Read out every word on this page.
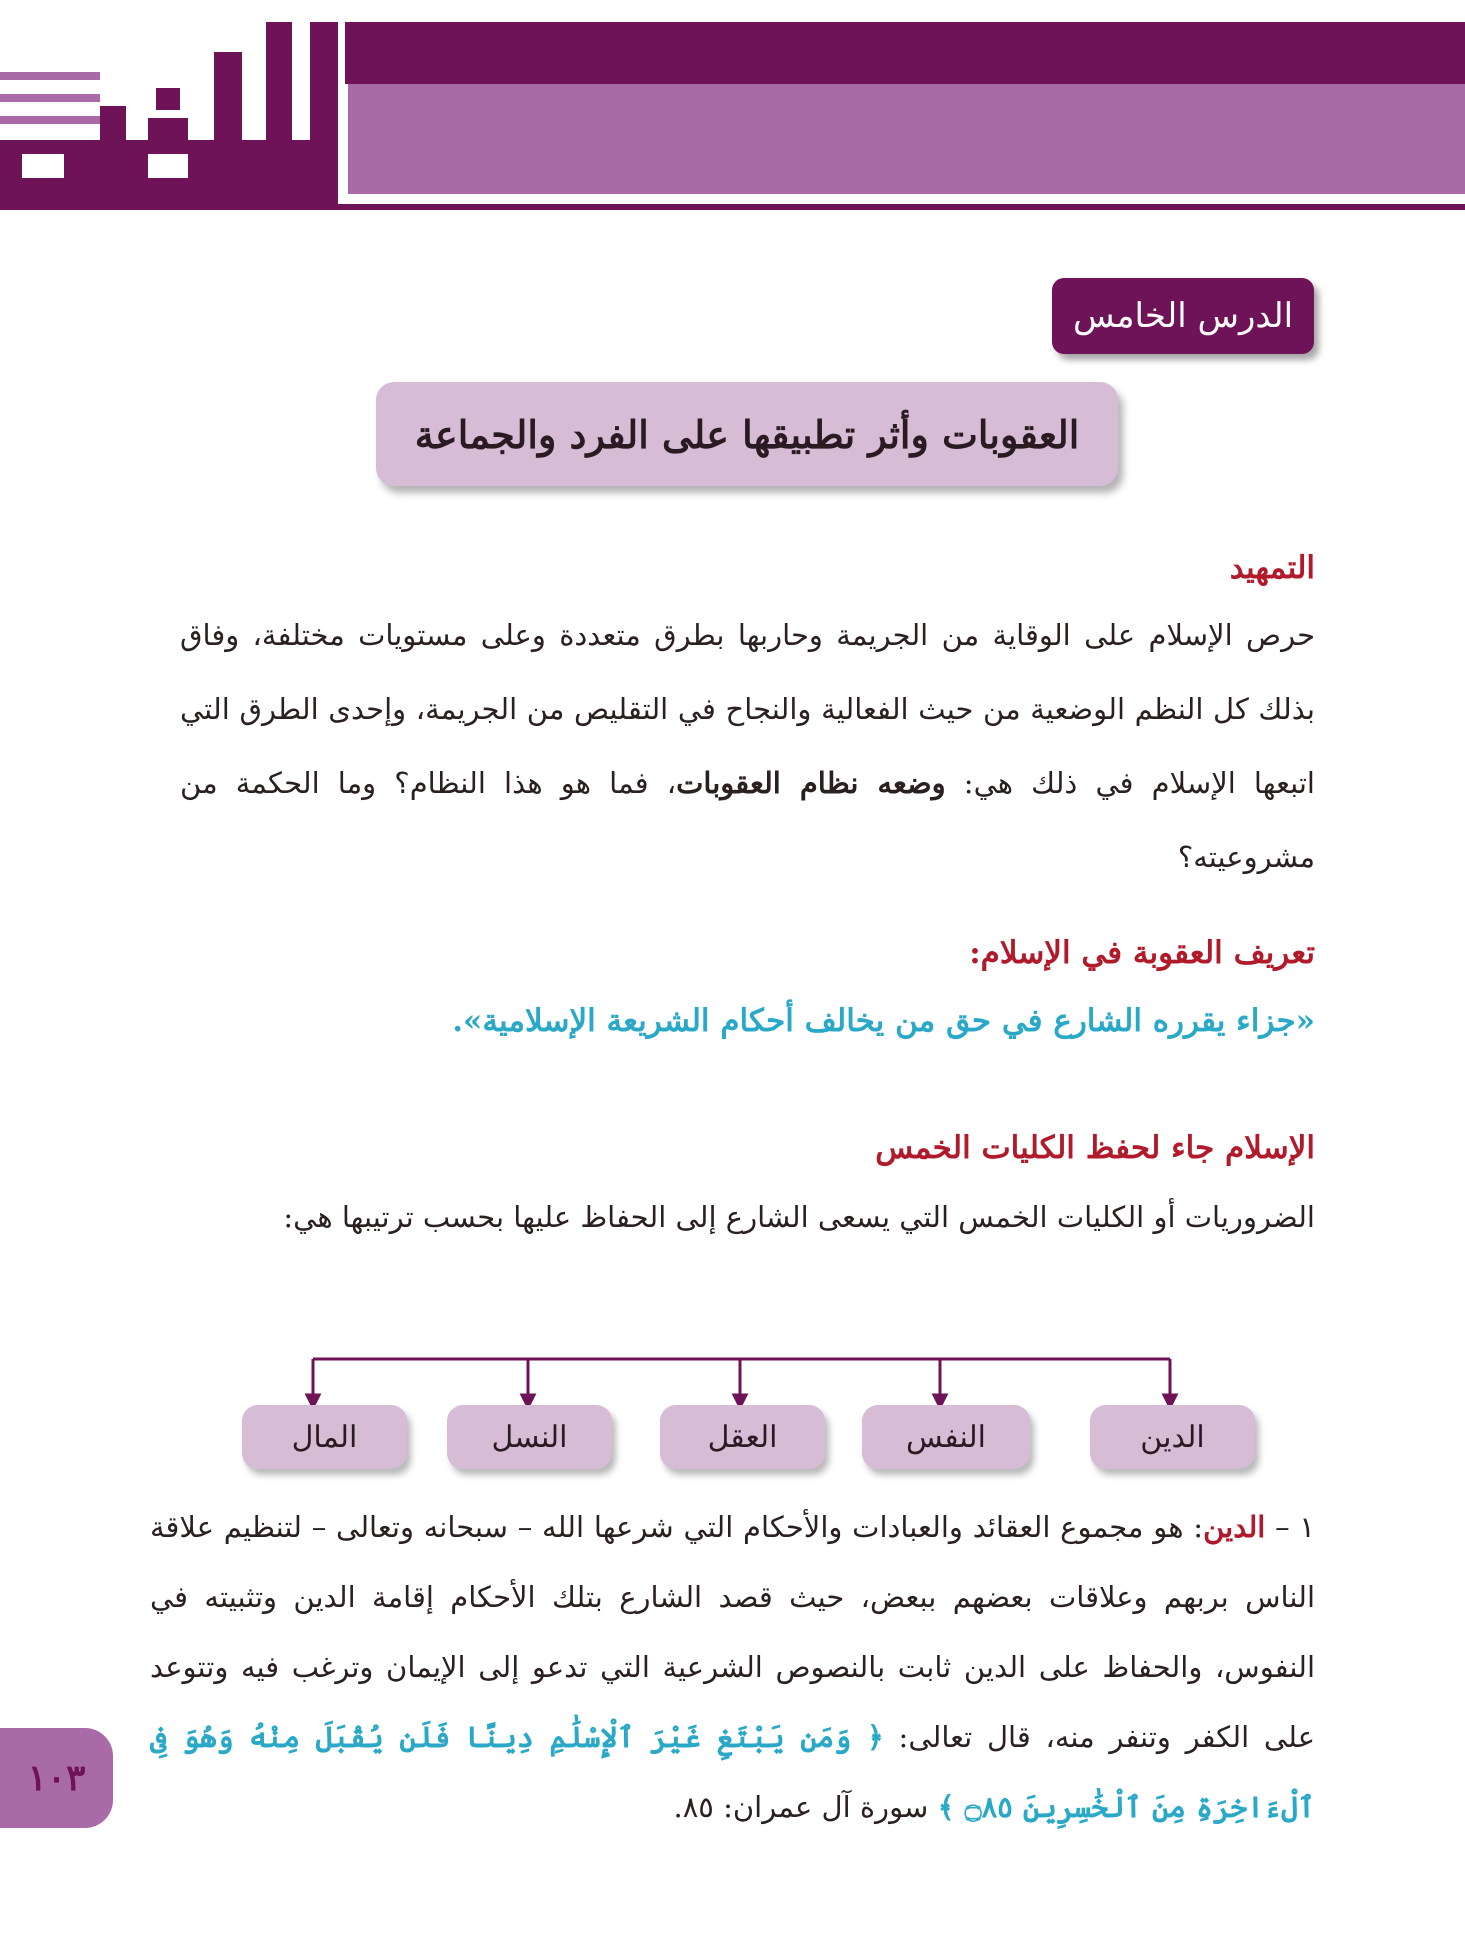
الفقه
الدرس الخامس
العقوبات وأثر تطبيقها على الفرد والجماعة
التمهيد
حرص الإسلام على الوقاية من الجريمة وحاربها بطرق متعددة وعلى مستويات مختلفة، وفاق بذلك كل النظم الوضعية من حيث الفعالية والنجاح في التقليص من الجريمة، وإحدى الطرق التي اتبعها الإسلام في ذلك هي: وضعه نظام العقوبات، فما هو هذا النظام؟ وما الحكمة من مشروعيته؟
تعريف العقوبة في الإسلام:
«جزاء يقرره الشارع في حق من يخالف أحكام الشريعة الإسلامية».
الإسلام جاء لحفظ الكليات الخمس
الضروريات أو الكليات الخمس التي يسعى الشارع إلى الحفاظ عليها بحسب ترتيبها هي:
الدين
النفس
العقل
النسل
المال
١ – الدين: هو مجموع العقائد والعبادات والأحكام التي شرعها الله – سبحانه وتعالى – لتنظيم علاقة الناس بربهم وعلاقات بعضهم ببعض، حيث قصد الشارع بتلك الأحكام إقامة الدين وتثبيته في النفوس، والحفاظ على الدين ثابت بالنصوص الشرعية التي تدعو إلى الإيمان وترغب فيه وتتوعد على الكفر وتنفر منه، قال تعالى: ﴿ وَمَن يَبْتَغِ غَيْرَ ٱلْإِسْلَٰمِ دِينًا فَلَن يُقْبَلَ مِنْهُ وَهُوَ فِى ٱلْءَاخِرَةِ مِنَ ٱلْخَٰسِرِينَ ۝٨٥ ﴾ سورة آل عمران: ٨٥.
١٠٣
